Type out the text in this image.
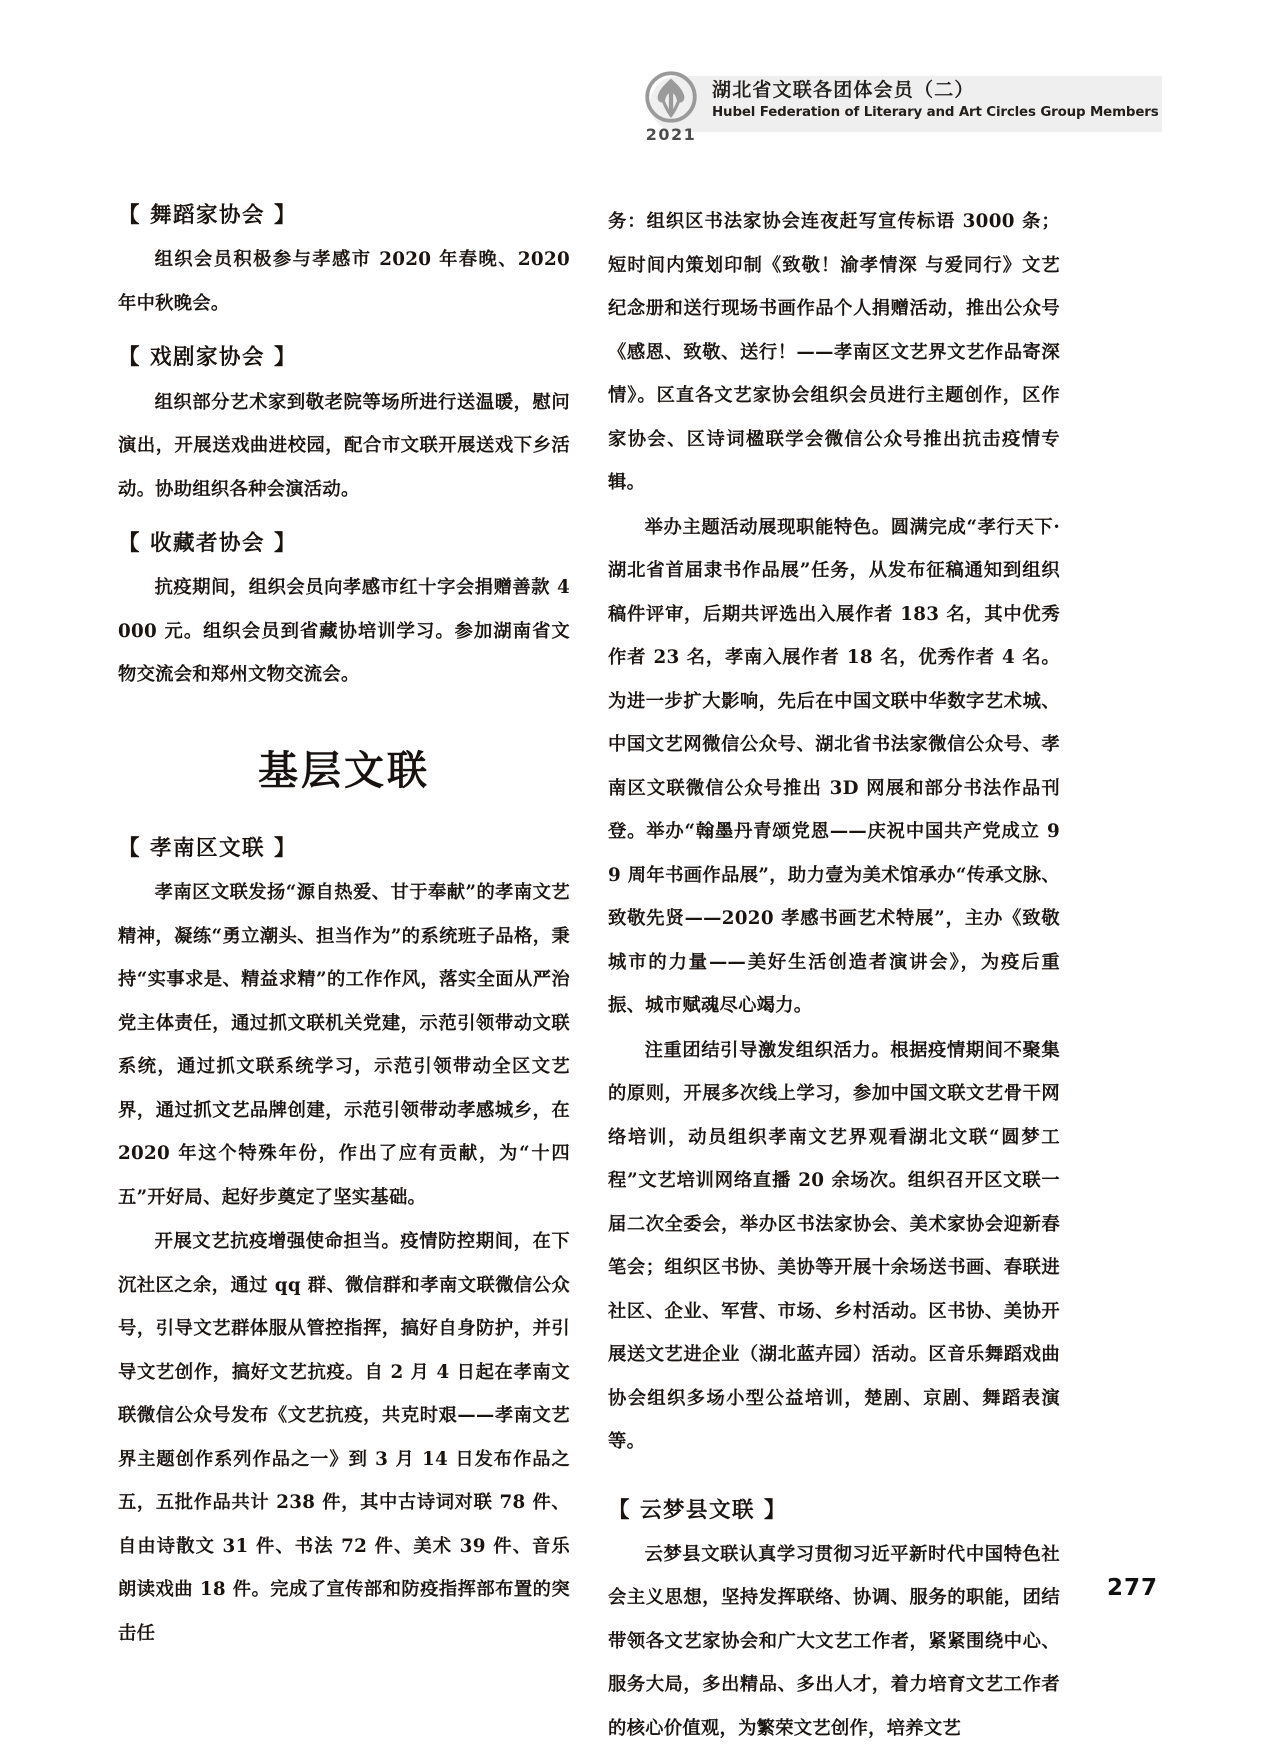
2021
湖北省文联各团体会员（二）
Hubel Federation of Literary and Art Circles Group Members
【 舞蹈家协会 】

组织会员积极参与孝感市 2020 年春晚、2020 年中秋晚会。

【 戏剧家协会 】

组织部分艺术家到敬老院等场所进行送温暖，慰问演出，开展送戏曲进校园，配合市文联开展送戏下乡活动。协助组织各种会演活动。

【 收藏者协会 】

抗疫期间，组织会员向孝感市红十字会捐赠善款 4000 元。组织会员到省藏协培训学习。参加湖南省文物交流会和郑州文物交流会。

基层文联
【 孝南区文联 】

孝南区文联发扬“源自热爱、甘于奉献”的孝南文艺精神，凝练“勇立潮头、担当作为”的系统班子品格，秉持“实事求是、精益求精”的工作作风，落实全面从严治党主体责任，通过抓文联机关党建，示范引领带动文联系统，通过抓文联系统学习，示范引领带动全区文艺界，通过抓文艺品牌创建，示范引领带动孝感城乡，在 2020 年这个特殊年份，作出了应有贡献，为“十四五”开好局、起好步奠定了坚实基础。

开展文艺抗疫增强使命担当。疫情防控期间，在下沉社区之余，通过 qq 群、微信群和孝南文联微信公众号，引导文艺群体服从管控指挥，搞好自身防护，并引导文艺创作，搞好文艺抗疫。自 2 月 4 日起在孝南文联微信公众号发布《文艺抗疫，共克时艰——孝南文艺界主题创作系列作品之一》到 3 月 14 日发布作品之五，五批作品共计 238 件，其中古诗词对联 78 件、自由诗散文 31 件、书法 72 件、美术 39 件、音乐朗读戏曲 18 件。完成了宣传部和防疫指挥部布置的突击任

务：组织区书法家协会连夜赶写宣传标语 3000 条；短时间内策划印制《致敬！渝孝情深 与爱同行》文艺纪念册和送行现场书画作品个人捐赠活动，推出公众号《感恩、致敬、送行！——孝南区文艺界文艺作品寄深情》。区直各文艺家协会组织会员进行主题创作，区作家协会、区诗词楹联学会微信公众号推出抗击疫情专辑。

举办主题活动展现职能特色。圆满完成“孝行天下·湖北省首届隶书作品展”任务，从发布征稿通知到组织稿件评审，后期共评选出入展作者 183 名，其中优秀作者 23 名，孝南入展作者 18 名，优秀作者 4 名。为进一步扩大影响，先后在中国文联中华数字艺术城、中国文艺网微信公众号、湖北省书法家微信公众号、孝南区文联微信公众号推出 3D 网展和部分书法作品刊登。举办“翰墨丹青颂党恩——庆祝中国共产党成立 99 周年书画作品展”，助力壹为美术馆承办“传承文脉、致敬先贤——2020 孝感书画艺术特展”，主办《致敬城市的力量——美好生活创造者演讲会》，为疫后重振、城市赋魂尽心竭力。

注重团结引导激发组织活力。根据疫情期间不聚集的原则，开展多次线上学习，参加中国文联文艺骨干网络培训，动员组织孝南文艺界观看湖北文联“圆梦工程”文艺培训网络直播 20 余场次。组织召开区文联一届二次全委会，举办区书法家协会、美术家协会迎新春笔会；组织区书协、美协等开展十余场送书画、春联进社区、企业、军营、市场、乡村活动。区书协、美协开展送文艺进企业（湖北蓝卉园）活动。区音乐舞蹈戏曲协会组织多场小型公益培训，楚剧、京剧、舞蹈表演等。

【 云梦县文联 】

云梦县文联认真学习贯彻习近平新时代中国特色社会主义思想，坚持发挥联络、协调、服务的职能，团结带领各文艺家协会和广大文艺工作者，紧紧围绕中心、服务大局，多出精品、多出人才，着力培育文艺工作者的核心价值观，为繁荣文艺创作，培养文艺

277
